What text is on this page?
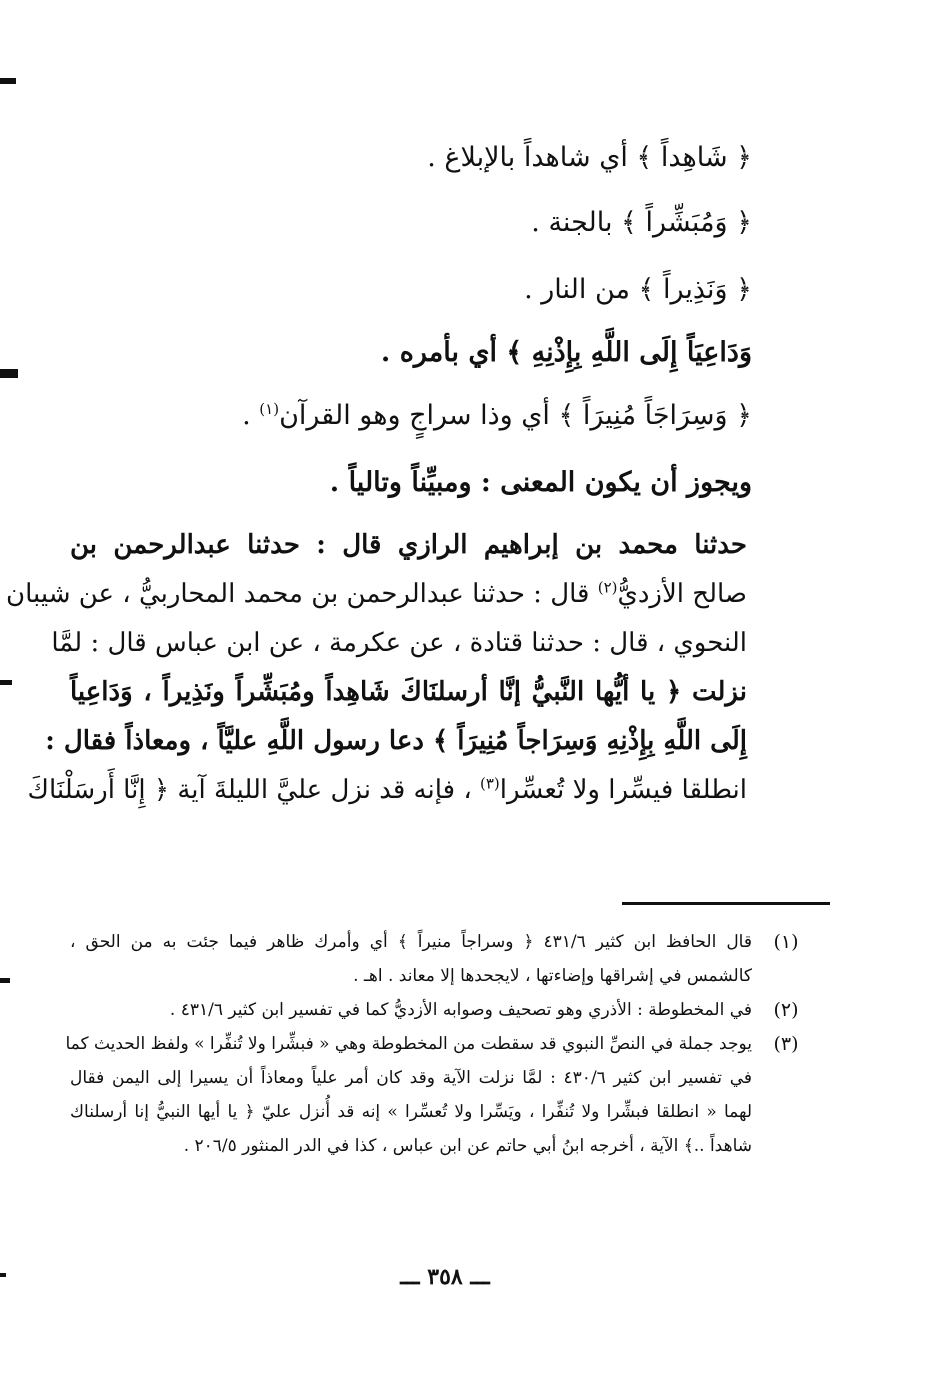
﴿ شَاهِداً ﴾ أي شاهداً بالإبلاغ .
﴿ وَمُبَشِّراً ﴾ بالجنة .
﴿ وَنَذِيراً ﴾ من النار .
وَدَاعِيَاً إِلَى اللَّهِ بِإِذْنِهِ ﴾ أي بأمره .
﴿ وَسِرَاجَاً مُنِيرَاً ﴾ أي وذا سراجٍ وهو القرآن$^{(١)}$ .
ويجوز أن يكون المعنى : ومبيِّناً وتالياً .
حدثنا محمد بن إبراهيم الرازي قال : حدثنا عبدالرحمن بن
صالح الأزديُّ$^{(٢)}$ قال : حدثنا عبدالرحمن بن محمد المحاربيُّ ، عن شيبان
النحوي ، قال : حدثنا قتادة ، عن عكرمة ، عن ابن عباس قال : لمَّا
نزلت ﴿ يا أيُّها النَّبيُّ إنَّا أرسلنَاكَ شَاهِداً ومُبَشِّراً ونَذِيراً ، وَدَاعِياً
إِلَى اللَّهِ بِإِذْنِهِ وَسِرَاجاً مُنِيرَاً ﴾ دعا رسول اللَّهِ عليَّاً ، ومعاذاً فقال :
انطلقا فيسِّرا ولا تُعسِّرا$^{(٣)}$ ، فإنه قد نزل عليَّ الليلةَ آية ﴿ إِنَّا أَرسَلْنَاكَ
(١)
قال الحافظ ابن كثير ٤٣١/٦ ﴿ وسراجاً منيراً ﴾ أي وأمرك ظاهر فيما جئت به من الحق ،
كالشمس في إشراقها وإضاءتها ، لايجحدها إلا معاند . اهـ .
(٢)
في المخطوطة : الأذري وهو تصحيف وصوابه الأزديُّ كما في تفسير ابن كثير ٤٣١/٦ .
(٣)
يوجد جملة في النصِّ النبوي قد سقطت من المخطوطة وهي « فبشِّرا ولا تُنفِّرا » ولفظ الحديث كما
في تفسير ابن كثير ٤٣٠/٦ : لمَّا نزلت الآية وقد كان أمر علياً ومعاذاً أن يسيرا إلى اليمن فقال
لهما « انطلقا فبشِّرا ولا تُنفِّرا ، ويَسِّرا ولا تُعسِّرا » إنه قد أُنزل عليّ ﴿ يا أيها النبيُّ إنا أرسلناك
شاهداً ..﴾ الآية ، أخرجه ابنُ أبي حاتم عن ابن عباس ، كذا في الدر المنثور ٢٠٦/٥ .
ـــ ٣٥٨ ـــ
